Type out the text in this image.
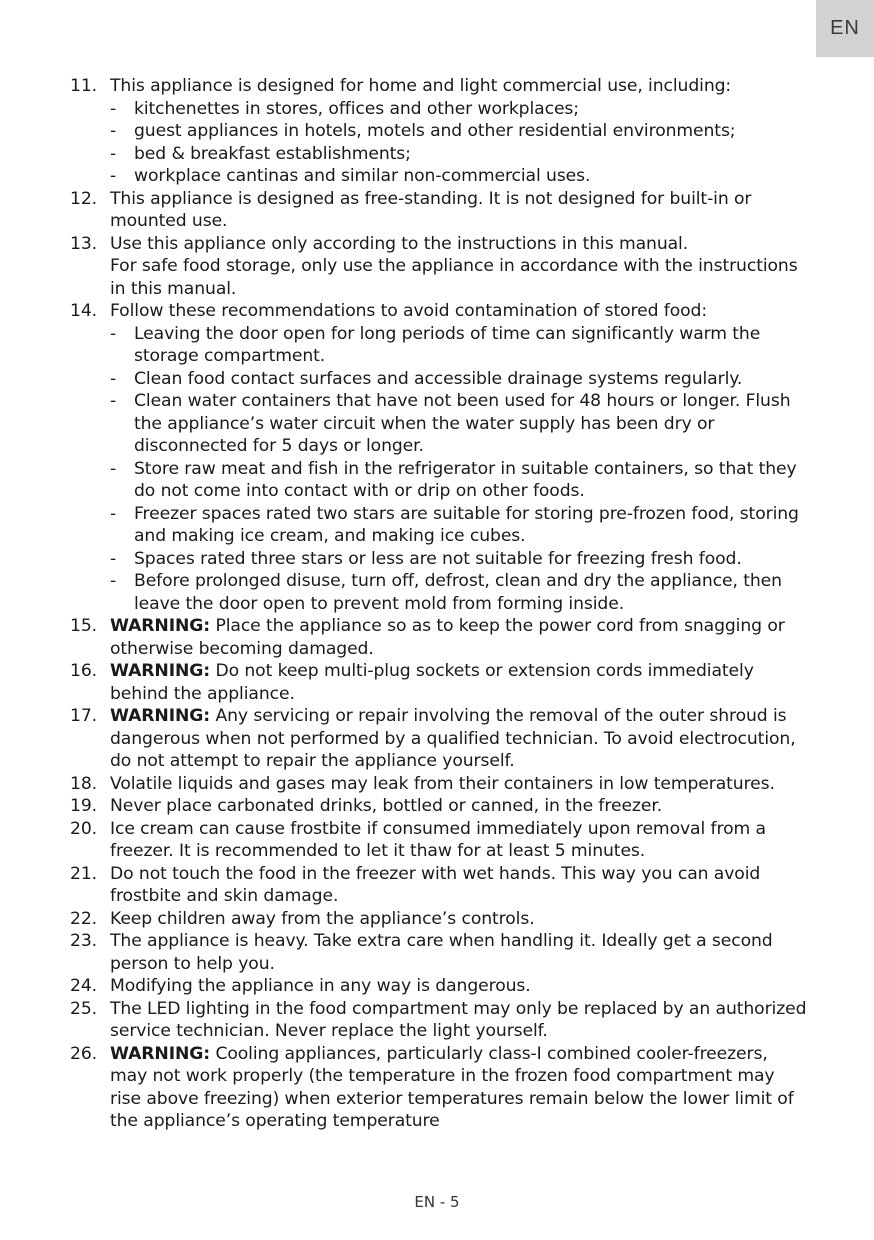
EN
11. This appliance is designed for home and light commercial use, including:
- kitchenettes in stores, offices and other workplaces;
- guest appliances in hotels, motels and other residential environments;
- bed & breakfast establishments;
- workplace cantinas and similar non-commercial uses.
12. This appliance is designed as free-standing. It is not designed for built-in or mounted use.
13. Use this appliance only according to the instructions in this manual.
For safe food storage, only use the appliance in accordance with the instructions in this manual.
14. Follow these recommendations to avoid contamination of stored food:
- Leaving the door open for long periods of time can significantly warm the storage compartment.
- Clean food contact surfaces and accessible drainage systems regularly.
- Clean water containers that have not been used for 48 hours or longer. Flush the appliance’s water circuit when the water supply has been dry or disconnected for 5 days or longer.
- Store raw meat and fish in the refrigerator in suitable containers, so that they do not come into contact with or drip on other foods.
- Freezer spaces rated two stars are suitable for storing pre-frozen food, storing and making ice cream, and making ice cubes.
- Spaces rated three stars or less are not suitable for freezing fresh food.
- Before prolonged disuse, turn off, defrost, clean and dry the appliance, then leave the door open to prevent mold from forming inside.
15. WARNING: Place the appliance so as to keep the power cord from snagging or otherwise becoming damaged.
16. WARNING: Do not keep multi-plug sockets or extension cords immediately behind the appliance.
17. WARNING: Any servicing or repair involving the removal of the outer shroud is dangerous when not performed by a qualified technician. To avoid electrocution, do not attempt to repair the appliance yourself.
18. Volatile liquids and gases may leak from their containers in low temperatures.
19. Never place carbonated drinks, bottled or canned, in the freezer.
20. Ice cream can cause frostbite if consumed immediately upon removal from a freezer. It is recommended to let it thaw for at least 5 minutes.
21. Do not touch the food in the freezer with wet hands. This way you can avoid frostbite and skin damage.
22. Keep children away from the appliance’s controls.
23. The appliance is heavy. Take extra care when handling it. Ideally get a second person to help you.
24. Modifying the appliance in any way is dangerous.
25. The LED lighting in the food compartment may only be replaced by an authorized service technician. Never replace the light yourself.
26. WARNING: Cooling appliances, particularly class-I combined cooler-freezers, may not work properly (the temperature in the frozen food compartment may rise above freezing) when exterior temperatures remain below the lower limit of the appliance’s operating temperature
EN - 5
